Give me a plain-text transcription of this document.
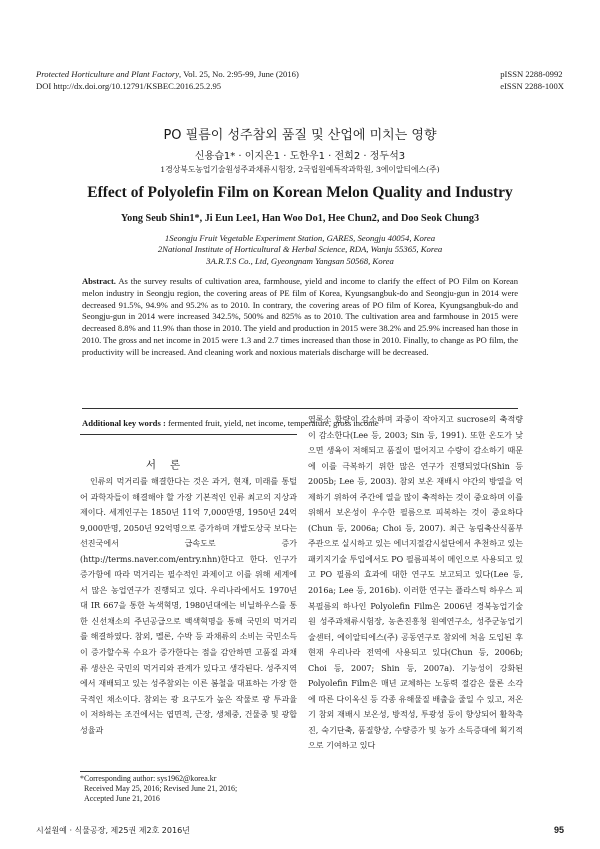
Protected Horticulture and Plant Factory, Vol. 25, No. 2:95-99, June (2016)
DOI http://dx.doi.org/10.12791/KSBEC.2016.25.2.95
pISSN 2288-0992
eISSN 2288-100X
PO 필름이 성주참외 품질 및 산업에 미치는 영향
신용습1* · 이지은1 · 도한우1 · 전희2 · 정두석3
1경상북도농업기술원성주과채류시험장, 2국립원예특작과학원, 3에이알티에스(주)
Effect of Polyolefin Film on Korean Melon Quality and Industry
Yong Seub Shin1*, Ji Eun Lee1, Han Woo Do1, Hee Chun2, and Doo Seok Chung3
1Seongju Fruit Vegetable Experiment Station, GARES, Seongju 40054, Korea
2National Institute of Horticultural & Herbal Science, RDA, Wanju 55365, Korea
3A.R.T.S Co., Ltd, Gyeongnam Yangsan 50568, Korea
Abstract. As the survey results of cultivation area, farmhouse, yield and income to clarify the effect of PO Film on Korean melon industry in Seongju region, the covering areas of PE film of Korea, Kyungsangbuk-do and Seongju-gun in 2014 were decreased 91.5%, 94.9% and 95.2% as to 2010. In contrary, the covering areas of PO film of Korea, Kyungsangbuk-do and Seongju-gun in 2014 were increased 342.5%, 500% and 825% as to 2010. The cultivation area and farmhouse in 2015 were decreased 8.8% and 11.9% than those in 2010. The yield and production in 2015 were 38.2% and 25.9% increased han those in 2010. The gross and net income in 2015 were 1.3 and 2.7 times increased than those in 2010. Finally, to change as PO film, the productivity will be increased. And cleaning work and noxious materials discharge will be decreased.
Additional key words : fermented fruit, yield, net income, temperature, gross income
서론
인류의 먹거리를 해결한다는 것은 과거, 현재, 미래를 통털어 과학자들이 해결해야 할 가장 기본적인 인류 최고의 지상과제이다. 세계인구는 1850년 11억 7,000만명, 1950년 24억 9,000만명, 2050년 92억명으로 증가하며 개발도상국 보다는 선진국에서 급속도로 증가(http://terms.naver.com/entry.nhn)한다고 한다. 인구가 증가함에 따라 먹거리는 필수적인 과제이고 이를 위해 세계에서 많은 농업연구가 진행되고 있다. 우리나라에서도 1970년대 IR 667을 통한 녹색혁명, 1980년대에는 비닐하우스를 통한 신선채소의 주년공급으로 백색혁명을 통해 국민의 먹거리를 해결하였다. 참외, 멜론, 수박 등 과채류의 소비는 국민소득이 증가할수록 수요가 증가한다는 점을 감안하면 고품질 과채류 생산은 국민의 먹거리와 관계가 있다고 생각된다. 성주지역에서 재배되고 있는 성주참외는 이른 봄철을 대표하는 가장 한국적인 채소이다. 참외는 광 요구도가 높은 작물로 광 투과율이 저하하는 조건에서는 엽면적, 근장, 생체중, 건물중 및 광합성율과
엽록소 함량이 감소하며 과중이 작아지고 sucrose의 축적량이 감소한다(Lee 등, 2003; Sin 등, 1991). 또한 온도가 낮으면 생육이 저해되고 품질이 떨어지고 수량이 감소하기 때문에 이를 극복하기 위한 많은 연구가 진행되었다(Shin 등 2005b; Lee 등, 2003). 참외 보온 재배시 야간의 방열을 억제하기 위하여 주간에 열을 많이 축적하는 것이 중요하며 이를 위해서 보온성이 우수한 필름으로 피복하는 것이 중요하다(Chun 등, 2006a; Choi 등, 2007). 최근 농림축산식품부 주관으로 실시하고 있는 에너지절감시설단에서 추천하고 있는 패키지기술 투입에서도 PO 필름피복이 메인으로 사용되고 있고 PO 필름의 효과에 대한 연구도 보고되고 있다(Lee 등, 2016a; Lee 등, 2016b). 이러한 연구는 플라스틱 하우스 피복필름의 하나인 Polyolefin Film은 2006년 경북농업기술원 성주과채류시험장, 농촌진흥청 원예연구소, 성주군농업기술센터, 에이알티에스(주) 공동연구로 참외에 처음 도입된 후 현재 우리나라 전역에 사용되고 있다(Chun 등, 2006b; Choi 등, 2007; Shin 등, 2007a). 기능성이 강화된 Polyolefin Film은 매년 교체하는 노동력 절감은 물론 소각에 따른 다이옥신 등 각종 유해물질 배출을 줄일 수 있고, 저온기 참외 재배시 보온성, 방적성, 투광성 등이 향상되어 활착촉진, 숙기단축, 품질향상, 수량증가 및 농가 소득증대에 획기적으로 기여하고 있다
*Corresponding author: sys1962@korea.kr
Received May 25, 2016; Revised June 21, 2016;
Accepted June 21, 2016
시설원예 · 식물공장, 제25권 제2호 2016년	95
